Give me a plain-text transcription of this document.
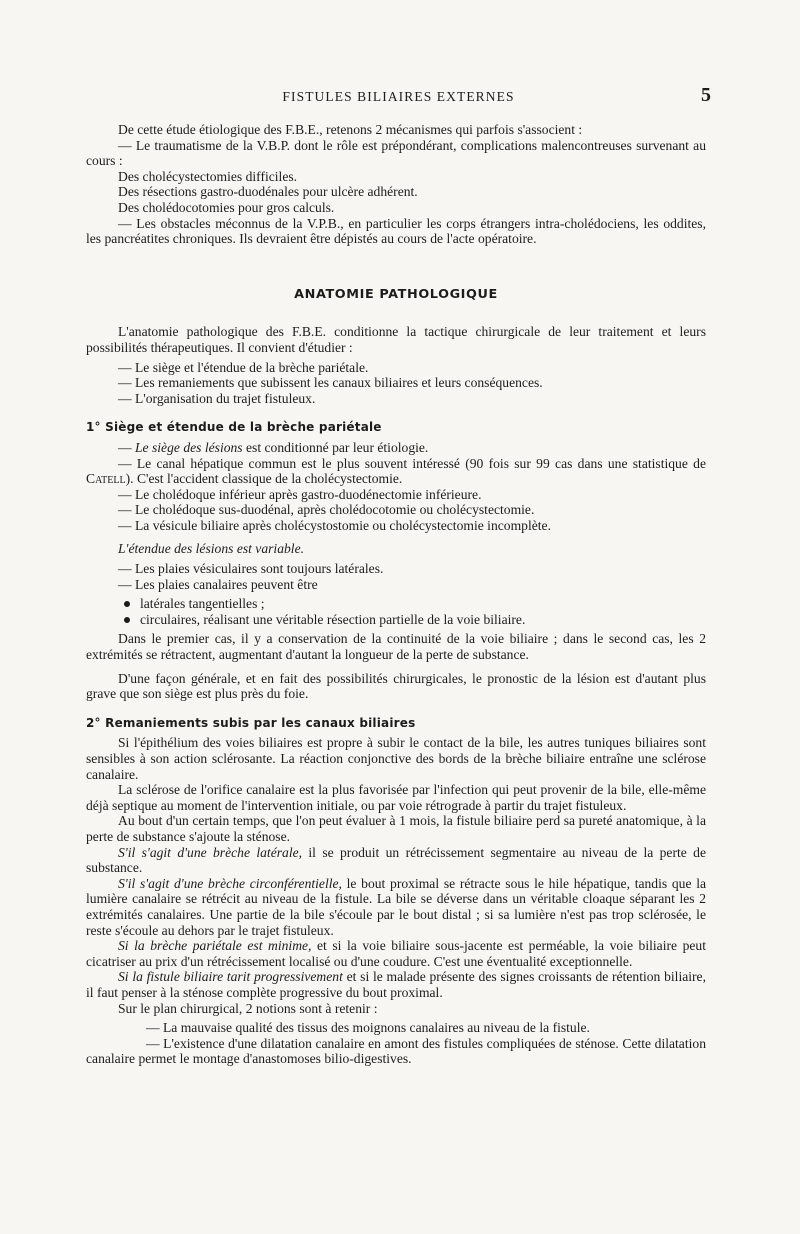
FISTULES BILIAIRES EXTERNES	5

De cette étude étiologique des F.B.E., retenons 2 mécanismes qui parfois s'associent :

— Le traumatisme de la V.B.P. dont le rôle est prépondérant, complications malencontreuses survenant au cours :

Des cholécystectomies difficiles.

Des résections gastro-duodénales pour ulcère adhérent.

Des cholédocotomies pour gros calculs.

— Les obstacles méconnus de la V.P.B., en particulier les corps étrangers intra-cholédociens, les oddites, les pancréatites chroniques. Ils devraient être dépistés au cours de l'acte opératoire.

ANATOMIE PATHOLOGIQUE

L'anatomie pathologique des F.B.E. conditionne la tactique chirurgicale de leur traitement et leurs possibilités thérapeutiques. Il convient d'étudier :

— Le siège et l'étendue de la brèche pariétale.

— Les remaniements que subissent les canaux biliaires et leurs conséquences.

— L'organisation du trajet fistuleux.

1° Siège et étendue de la brèche pariétale

— Le siège des lésions est conditionné par leur étiologie.

— Le canal hépatique commun est le plus souvent intéressé (90 fois sur 99 cas dans une statistique de Catell). C'est l'accident classique de la cholécystectomie.

— Le cholédoque inférieur après gastro-duodénectomie inférieure.

— Le cholédoque sus-duodénal, après cholédocotomie ou cholécystectomie.

— La vésicule biliaire après cholécystostomie ou cholécystectomie incomplète.

L'étendue des lésions est variable.

— Les plaies vésiculaires sont toujours latérales.

— Les plaies canalaires peuvent être

latérales tangentielles ;

circulaires, réalisant une véritable résection partielle de la voie biliaire.

Dans le premier cas, il y a conservation de la continuité de la voie biliaire ; dans le second cas, les 2 extrémités se rétractent, augmentant d'autant la longueur de la perte de substance.

D'une façon générale, et en fait des possibilités chirurgicales, le pronostic de la lésion est d'autant plus grave que son siège est plus près du foie.

2° Remaniements subis par les canaux biliaires

Si l'épithélium des voies biliaires est propre à subir le contact de la bile, les autres tuniques biliaires sont sensibles à son action sclérosante. La réaction conjonctive des bords de la brèche biliaire entraîne une sclérose canalaire.

La sclérose de l'orifice canalaire est la plus favorisée par l'infection qui peut provenir de la bile, elle-même déjà septique au moment de l'intervention initiale, ou par voie rétrograde à partir du trajet fistuleux.

Au bout d'un certain temps, que l'on peut évaluer à 1 mois, la fistule biliaire perd sa pureté anatomique, à la perte de substance s'ajoute la sténose.

S'il s'agit d'une brèche latérale, il se produit un rétrécissement segmentaire au niveau de la perte de substance.

S'il s'agit d'une brèche circonférentielle, le bout proximal se rétracte sous le hile hépatique, tandis que la lumière canalaire se rétrécit au niveau de la fistule. La bile se déverse dans un véritable cloaque séparant les 2 extrémités canalaires. Une partie de la bile s'écoule par le bout distal ; si sa lumière n'est pas trop sclérosée, le reste s'écoule au dehors par le trajet fistuleux.

Si la brèche pariétale est minime, et si la voie biliaire sous-jacente est perméable, la voie biliaire peut cicatriser au prix d'un rétrécissement localisé ou d'une coudure. C'est une éventualité exceptionnelle.

Si la fistule biliaire tarit progressivement et si le malade présente des signes croissants de rétention biliaire, il faut penser à la sténose complète progressive du bout proximal.

Sur le plan chirurgical, 2 notions sont à retenir :

— La mauvaise qualité des tissus des moignons canalaires au niveau de la fistule.

— L'existence d'une dilatation canalaire en amont des fistules compliquées de sténose. Cette dilatation canalaire permet le montage d'anastomoses bilio-digestives.
